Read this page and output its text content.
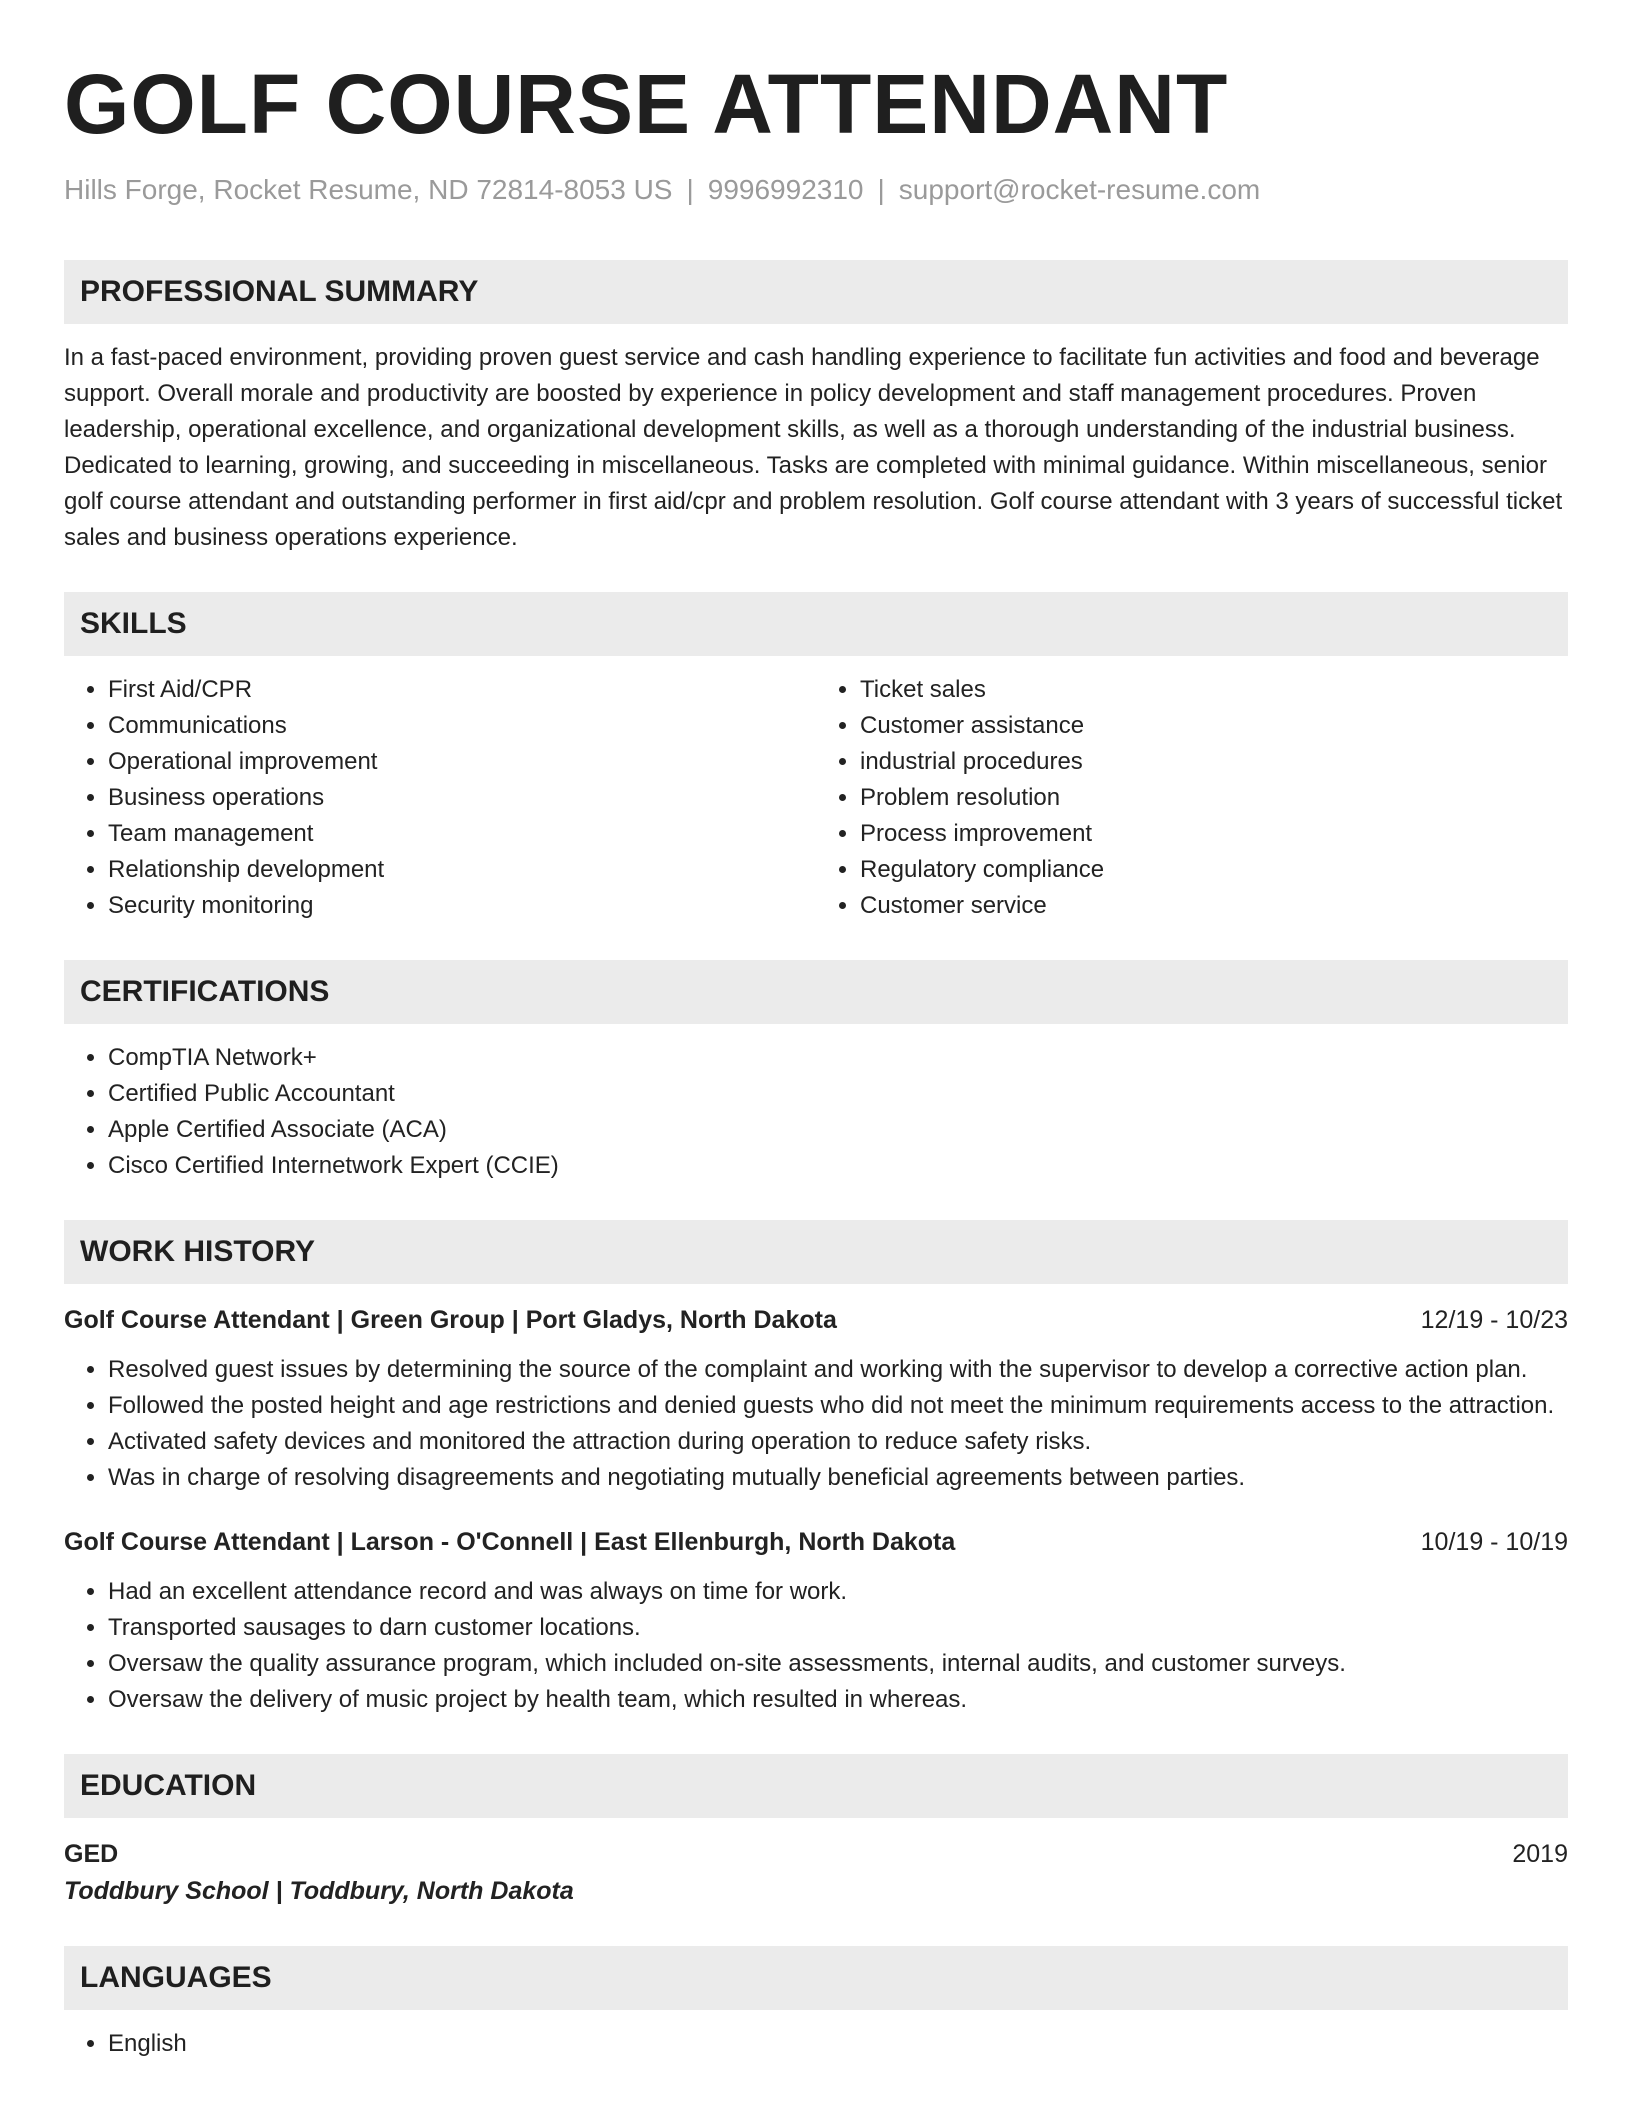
GOLF COURSE ATTENDANT
Hills Forge, Rocket Resume, ND 72814-8053 US | 9996992310 | support@rocket-resume.com
PROFESSIONAL SUMMARY

In a fast-paced environment, providing proven guest service and cash handling experience to facilitate fun activities and food and beverage support. Overall morale and productivity are boosted by experience in policy development and staff management procedures. Proven leadership, operational excellence, and organizational development skills, as well as a thorough understanding of the industrial business. Dedicated to learning, growing, and succeeding in miscellaneous. Tasks are completed with minimal guidance. Within miscellaneous, senior golf course attendant and outstanding performer in first aid/cpr and problem resolution. Golf course attendant with 3 years of successful ticket sales and business operations experience.

SKILLS
• First Aid/CPR
• Communications
• Operational improvement
• Business operations
• Team management
• Relationship development
• Security monitoring
• Ticket sales
• Customer assistance
• industrial procedures
• Problem resolution
• Process improvement
• Regulatory compliance
• Customer service
CERTIFICATIONS
• CompTIA Network+
• Certified Public Accountant
• Apple Certified Associate (ACA)
• Cisco Certified Internetwork Expert (CCIE)
WORK HISTORY
Golf Course Attendant | Green Group | Port Gladys, North Dakota	12/19 - 10/23
• Resolved guest issues by determining the source of the complaint and working with the supervisor to develop a corrective action plan.
• Followed the posted height and age restrictions and denied guests who did not meet the minimum requirements access to the attraction.
• Activated safety devices and monitored the attraction during operation to reduce safety risks.
• Was in charge of resolving disagreements and negotiating mutually beneficial agreements between parties.
Golf Course Attendant | Larson - O'Connell | East Ellenburgh, North Dakota	10/19 - 10/19
• Had an excellent attendance record and was always on time for work.
• Transported sausages to darn customer locations.
• Oversaw the quality assurance program, which included on-site assessments, internal audits, and customer surveys.
• Oversaw the delivery of music project by health team, which resulted in whereas.
EDUCATION
GED	2019
Toddbury School | Toddbury, North Dakota
LANGUAGES
• English
